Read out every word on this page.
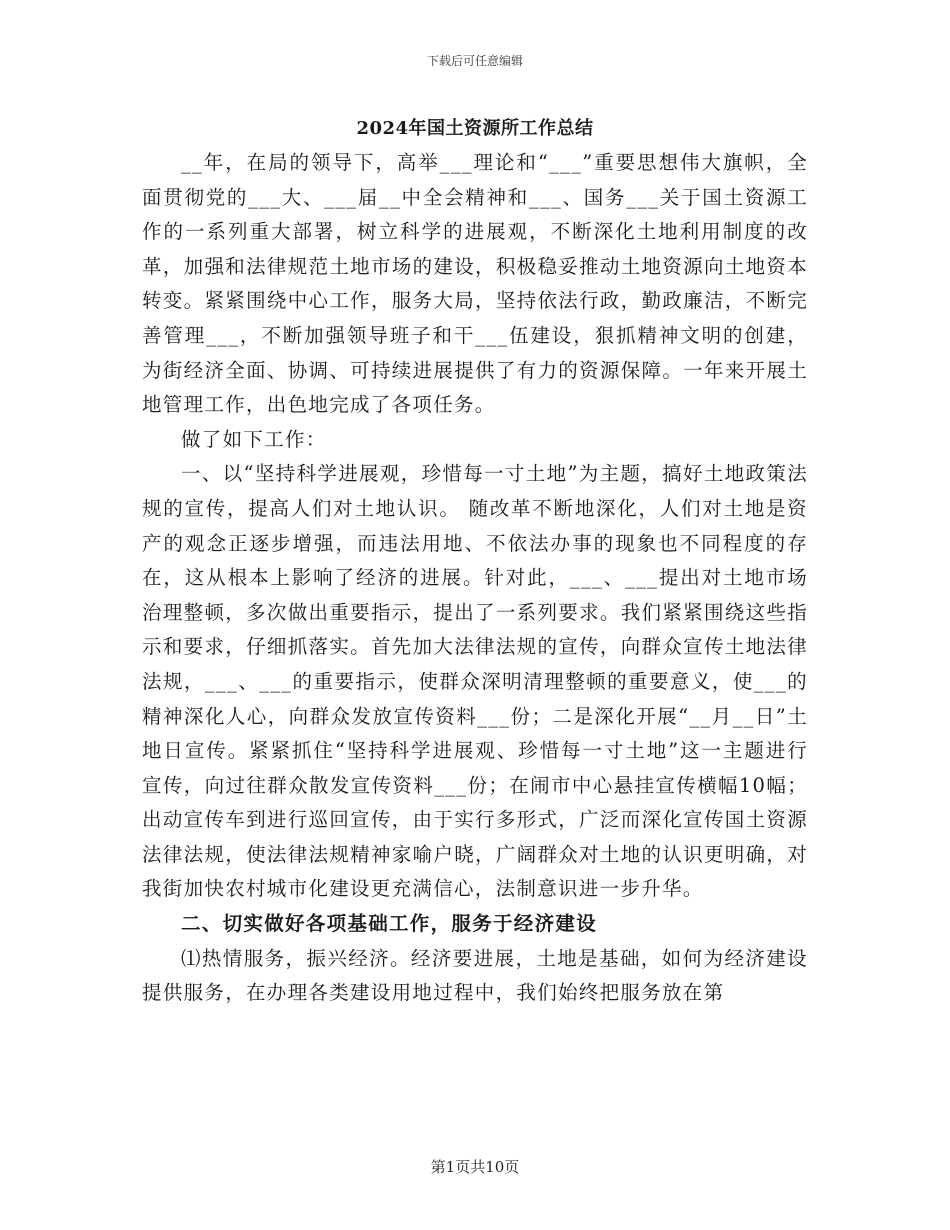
下载后可任意编辑
2024年国土资源所工作总结

__年，在局的领导下，高举___理论和“___”重要思想伟大旗帜，全面贯彻党的___大、___届__中全会精神和___、国务___关于国土资源工作的一系列重大部署，树立科学的进展观，不断深化土地利用制度的改革，加强和法律规范土地市场的建设，积极稳妥推动土地资源向土地资本转变。紧紧围绕中心工作，服务大局，坚持依法行政，勤政廉洁，不断完善管理___，不断加强领导班子和干___伍建设，狠抓精神文明的创建，为街经济全面、协调、可持续进展提供了有力的资源保障。一年来开展土地管理工作，出色地完成了各项任务。

做了如下工作：

一、以“坚持科学进展观，珍惜每一寸土地”为主题，搞好土地政策法规的宣传，提高人们对土地认识。 随改革不断地深化，人们对土地是资产的观念正逐步增强，而违法用地、不依法办事的现象也不同程度的存在，这从根本上影响了经济的进展。针对此，___、___提出对土地市场治理整顿，多次做出重要指示，提出了一系列要求。我们紧紧围绕这些指示和要求，仔细抓落实。首先加大法律法规的宣传，向群众宣传土地法律法规，___、___的重要指示，使群众深明清理整顿的重要意义，使___的精神深化人心，向群众发放宣传资料___份；二是深化开展“__月__日”土地日宣传。紧紧抓住“坚持科学进展观、珍惜每一寸土地”这一主题进行宣传，向过往群众散发宣传资料___份；在闹市中心悬挂宣传横幅10幅；出动宣传车到进行巡回宣传，由于实行多形式，广泛而深化宣传国土资源法律法规，使法律法规精神家喻户晓，广阔群众对土地的认识更明确，对我街加快农村城市化建设更充满信心，法制意识进一步升华。

二、切实做好各项基础工作，服务于经济建设

⑴热情服务，振兴经济。经济要进展，土地是基础，如何为经济建设提供服务，在办理各类建设用地过程中，我们始终把服务放在第

第1页共10页
